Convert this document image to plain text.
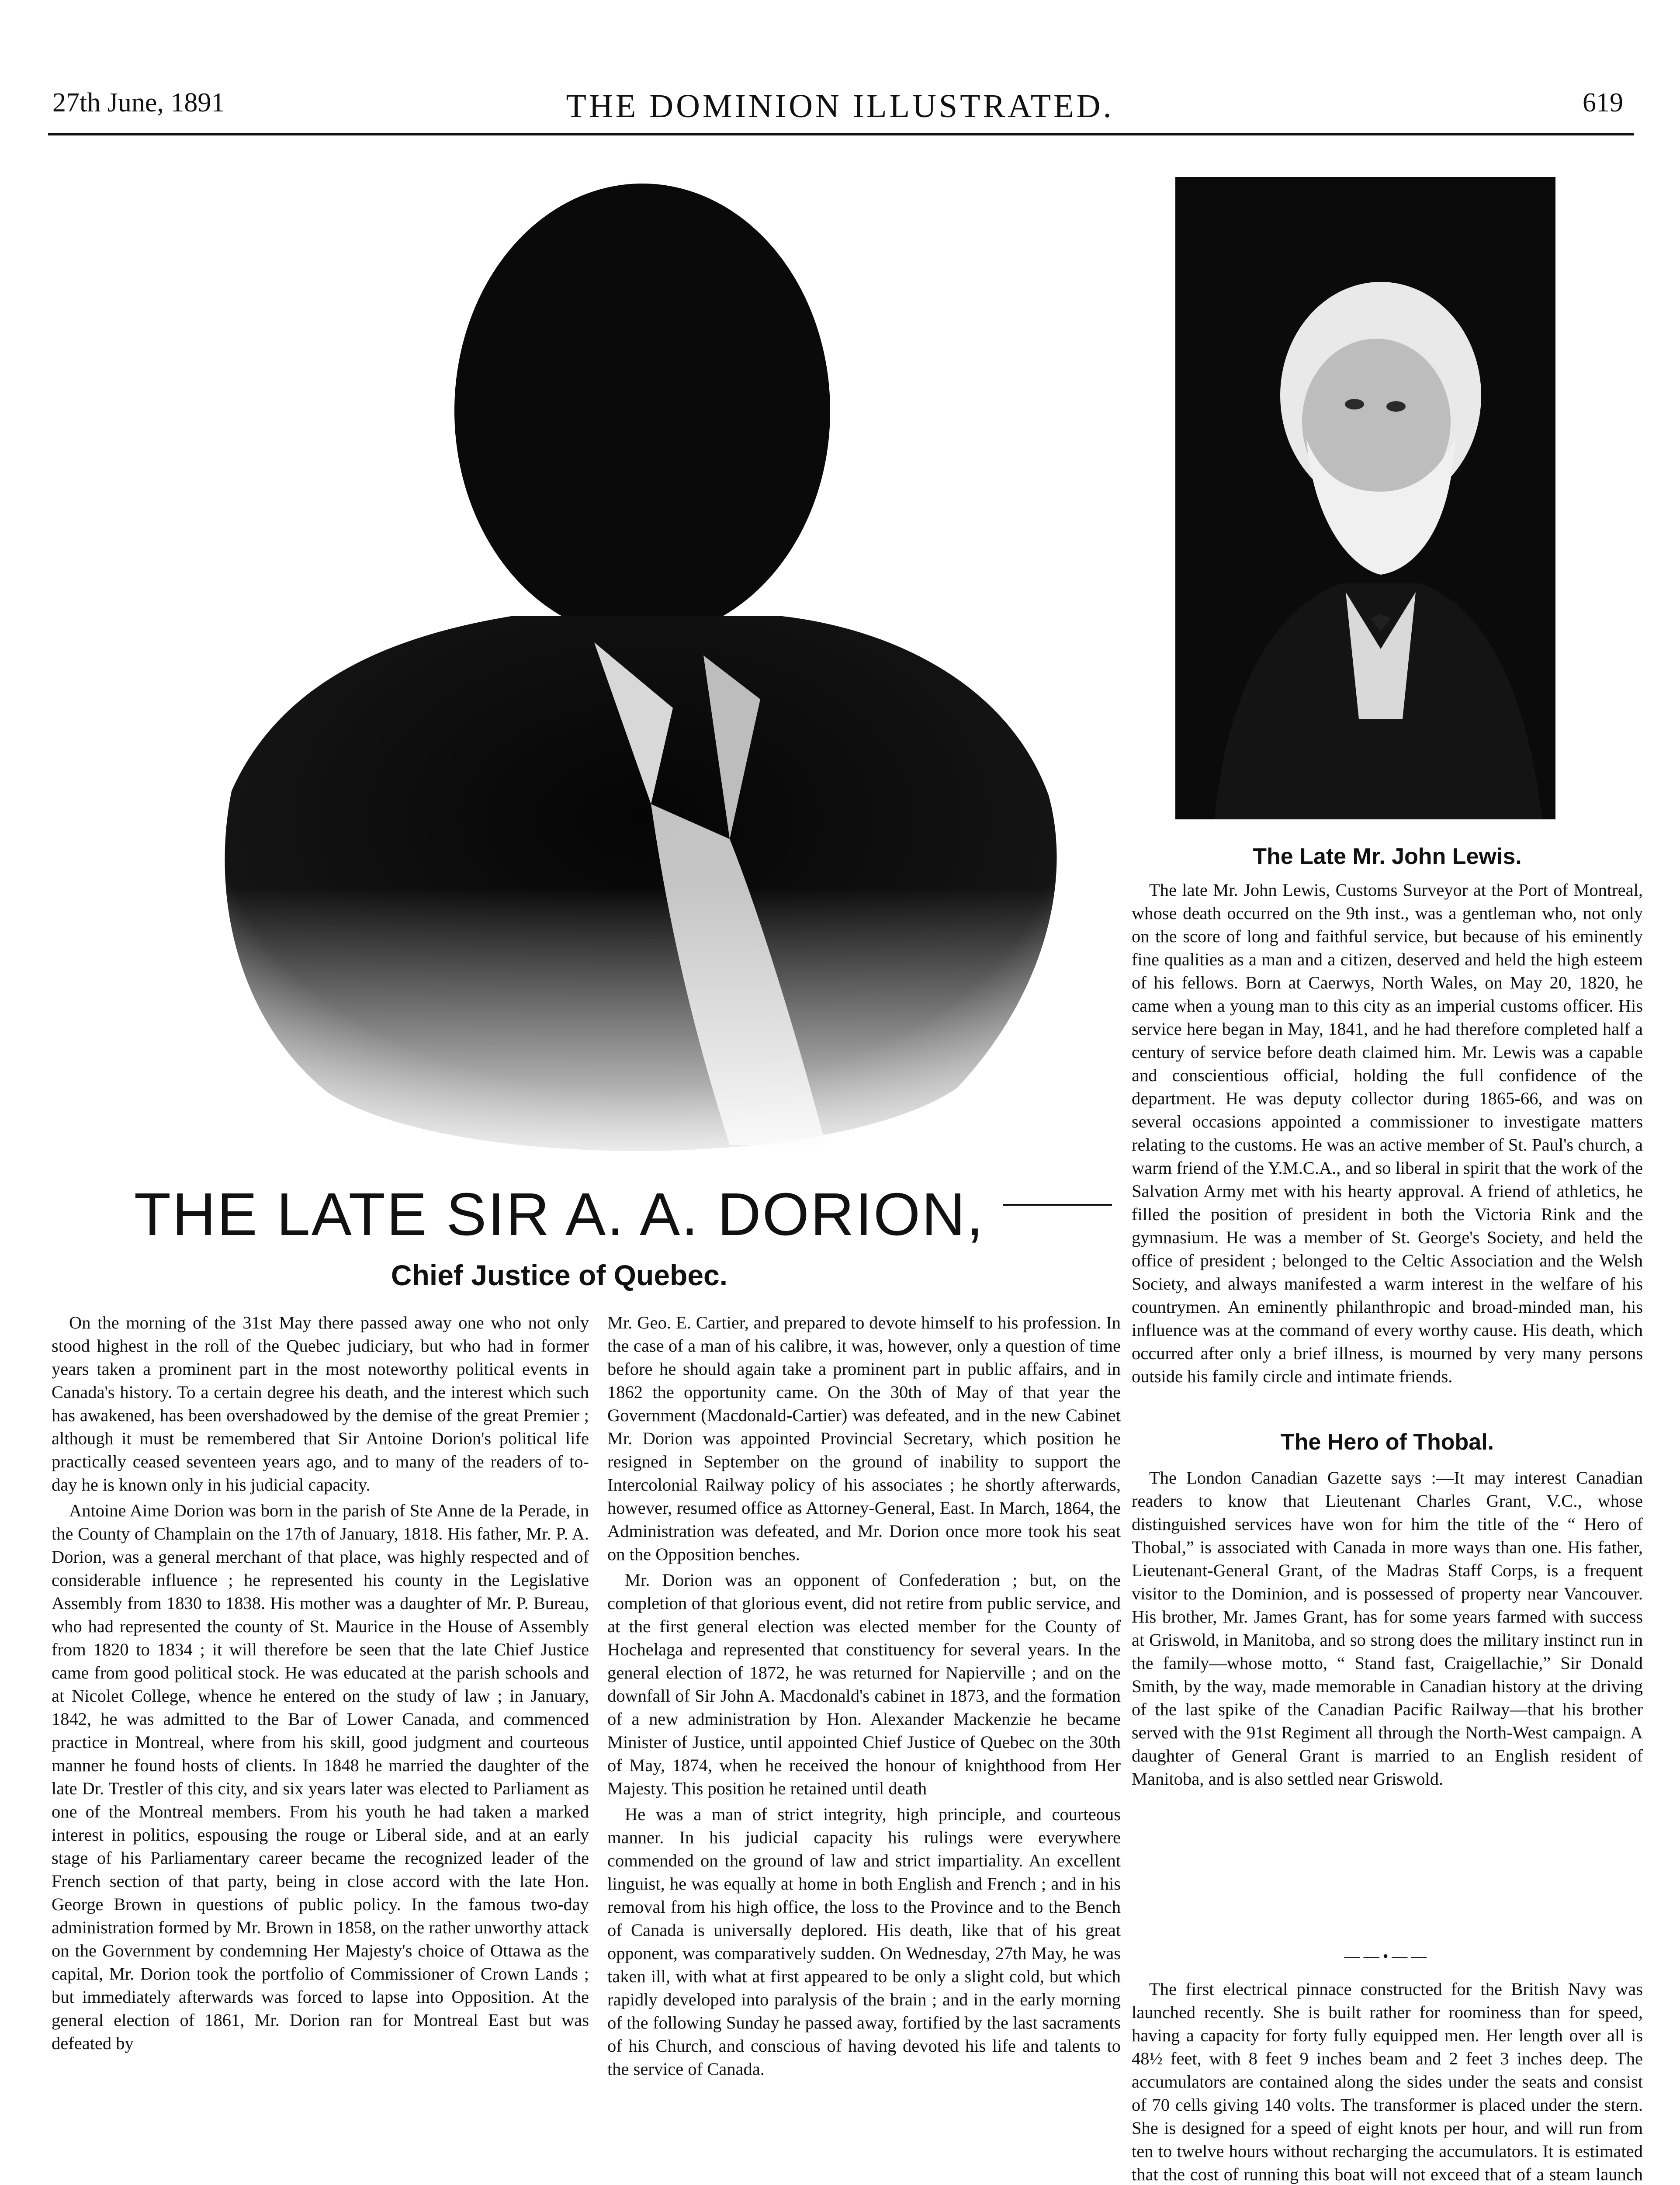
27th June, 1891	THE DOMINION ILLUSTRATED.	619
THE LATE SIR A. A. DORION,
Chief Justice of Quebec.

On the morning of the 31st May there passed away one who not only stood highest in the roll of the Quebec judiciary, but who had in former years taken a prominent part in the most noteworthy political events in Canada's history. To a certain degree his death, and the interest which such has awakened, has been overshadowed by the demise of the great Premier ; although it must be remembered that Sir Antoine Dorion's political life practically ceased seventeen years ago, and to many of the readers of to-day he is known only in his judicial capacity.

Antoine Aime Dorion was born in the parish of Ste Anne de la Perade, in the County of Champlain on the 17th of January, 1818. His father, Mr. P. A. Dorion, was a general merchant of that place, was highly respected and of considerable influence ; he represented his county in the Legislative Assembly from 1830 to 1838. His mother was a daughter of Mr. P. Bureau, who had represented the county of St. Maurice in the House of Assembly from 1820 to 1834 ; it will therefore be seen that the late Chief Justice came from good political stock. He was educated at the parish schools and at Nicolet College, whence he entered on the study of law ; in January, 1842, he was admitted to the Bar of Lower Canada, and commenced practice in Montreal, where from his skill, good judgment and courteous manner he found hosts of clients. In 1848 he married the daughter of the late Dr. Trestler of this city, and six years later was elected to Parliament as one of the Montreal members. From his youth he had taken a marked interest in politics, espousing the rouge or Liberal side, and at an early stage of his Parliamentary career became the recognized leader of the French section of that party, being in close accord with the late Hon. George Brown in questions of public policy. In the famous two-day administration formed by Mr. Brown in 1858, on the rather unworthy attack on the Government by condemning Her Majesty's choice of Ottawa as the capital, Mr. Dorion took the portfolio of Commissioner of Crown Lands ; but immediately afterwards was forced to lapse into Opposition. At the general election of 1861, Mr. Dorion ran for Montreal East but was defeated by

Mr. Geo. E. Cartier, and prepared to devote himself to his profession. In the case of a man of his calibre, it was, however, only a question of time before he should again take a prominent part in public affairs, and in 1862 the opportunity came. On the 30th of May of that year the Government (Macdonald-Cartier) was defeated, and in the new Cabinet Mr. Dorion was appointed Provincial Secretary, which position he resigned in September on the ground of inability to support the Intercolonial Railway policy of his associates ; he shortly afterwards, however, resumed office as Attorney-General, East. In March, 1864, the Administration was defeated, and Mr. Dorion once more took his seat on the Opposition benches.

Mr. Dorion was an opponent of Confederation ; but, on the completion of that glorious event, did not retire from public service, and at the first general election was elected member for the County of Hochelaga and represented that constituency for several years. In the general election of 1872, he was returned for Napierville ; and on the downfall of Sir John A. Macdonald's cabinet in 1873, and the formation of a new administration by Hon. Alexander Mackenzie he became Minister of Justice, until appointed Chief Justice of Quebec on the 30th of May, 1874, when he received the honour of knighthood from Her Majesty. This position he retained until death

He was a man of strict integrity, high principle, and courteous manner. In his judicial capacity his rulings were everywhere commended on the ground of law and strict impartiality. An excellent linguist, he was equally at home in both English and French ; and in his removal from his high office, the loss to the Province and to the Bench of Canada is universally deplored. His death, like that of his great opponent, was comparatively sudden. On Wednesday, 27th May, he was taken ill, with what at first appeared to be only a slight cold, but which rapidly developed into paralysis of the brain ; and in the early morning of the following Sunday he passed away, fortified by the last sacraments of his Church, and conscious of having devoted his life and talents to the service of Canada.

The Late Mr. John Lewis.

The late Mr. John Lewis, Customs Surveyor at the Port of Montreal, whose death occurred on the 9th inst., was a gentleman who, not only on the score of long and faithful service, but because of his eminently fine qualities as a man and a citizen, deserved and held the high esteem of his fellows. Born at Caerwys, North Wales, on May 20, 1820, he came when a young man to this city as an imperial customs officer. His service here began in May, 1841, and he had therefore completed half a century of service before death claimed him. Mr. Lewis was a capable and conscientious official, holding the full confidence of the department. He was deputy collector during 1865-66, and was on several occasions appointed a commissioner to investigate matters relating to the customs. He was an active member of St. Paul's church, a warm friend of the Y.M.C.A., and so liberal in spirit that the work of the Salvation Army met with his hearty approval. A friend of athletics, he filled the position of president in both the Victoria Rink and the gymnasium. He was a member of St. George's Society, and held the office of president ; belonged to the Celtic Association and the Welsh Society, and always manifested a warm interest in the welfare of his countrymen. An eminently philanthropic and broad-minded man, his influence was at the command of every worthy cause. His death, which occurred after only a brief illness, is mourned by very many persons outside his family circle and intimate friends.

The Hero of Thobal.

The London Canadian Gazette says :—It may interest Canadian readers to know that Lieutenant Charles Grant, V.C., whose distinguished services have won for him the title of the “ Hero of Thobal,” is associated with Canada in more ways than one. His father, Lieutenant-General Grant, of the Madras Staff Corps, is a frequent visitor to the Dominion, and is possessed of property near Vancouver. His brother, Mr. James Grant, has for some years farmed with success at Griswold, in Manitoba, and so strong does the military instinct run in the family—whose motto, “ Stand fast, Craigellachie,” Sir Donald Smith, by the way, made memorable in Canadian history at the driving of the last spike of the Canadian Pacific Railway—that his brother served with the 91st Regiment all through the North-West campaign. A daughter of General Grant is married to an English resident of Manitoba, and is also settled near Griswold.

——•——

The first electrical pinnace constructed for the British Navy was launched recently. She is built rather for roominess than for speed, having a capacity for forty fully equipped men. Her length over all is 48½ feet, with 8 feet 9 inches beam and 2 feet 3 inches deep. The accumulators are contained along the sides under the seats and consist of 70 cells giving 140 volts. The transformer is placed under the stern. She is designed for a speed of eight knots per hour, and will run from ten to twelve hours without recharging the accumulators. It is estimated that the cost of running this boat will not exceed that of a steam launch
